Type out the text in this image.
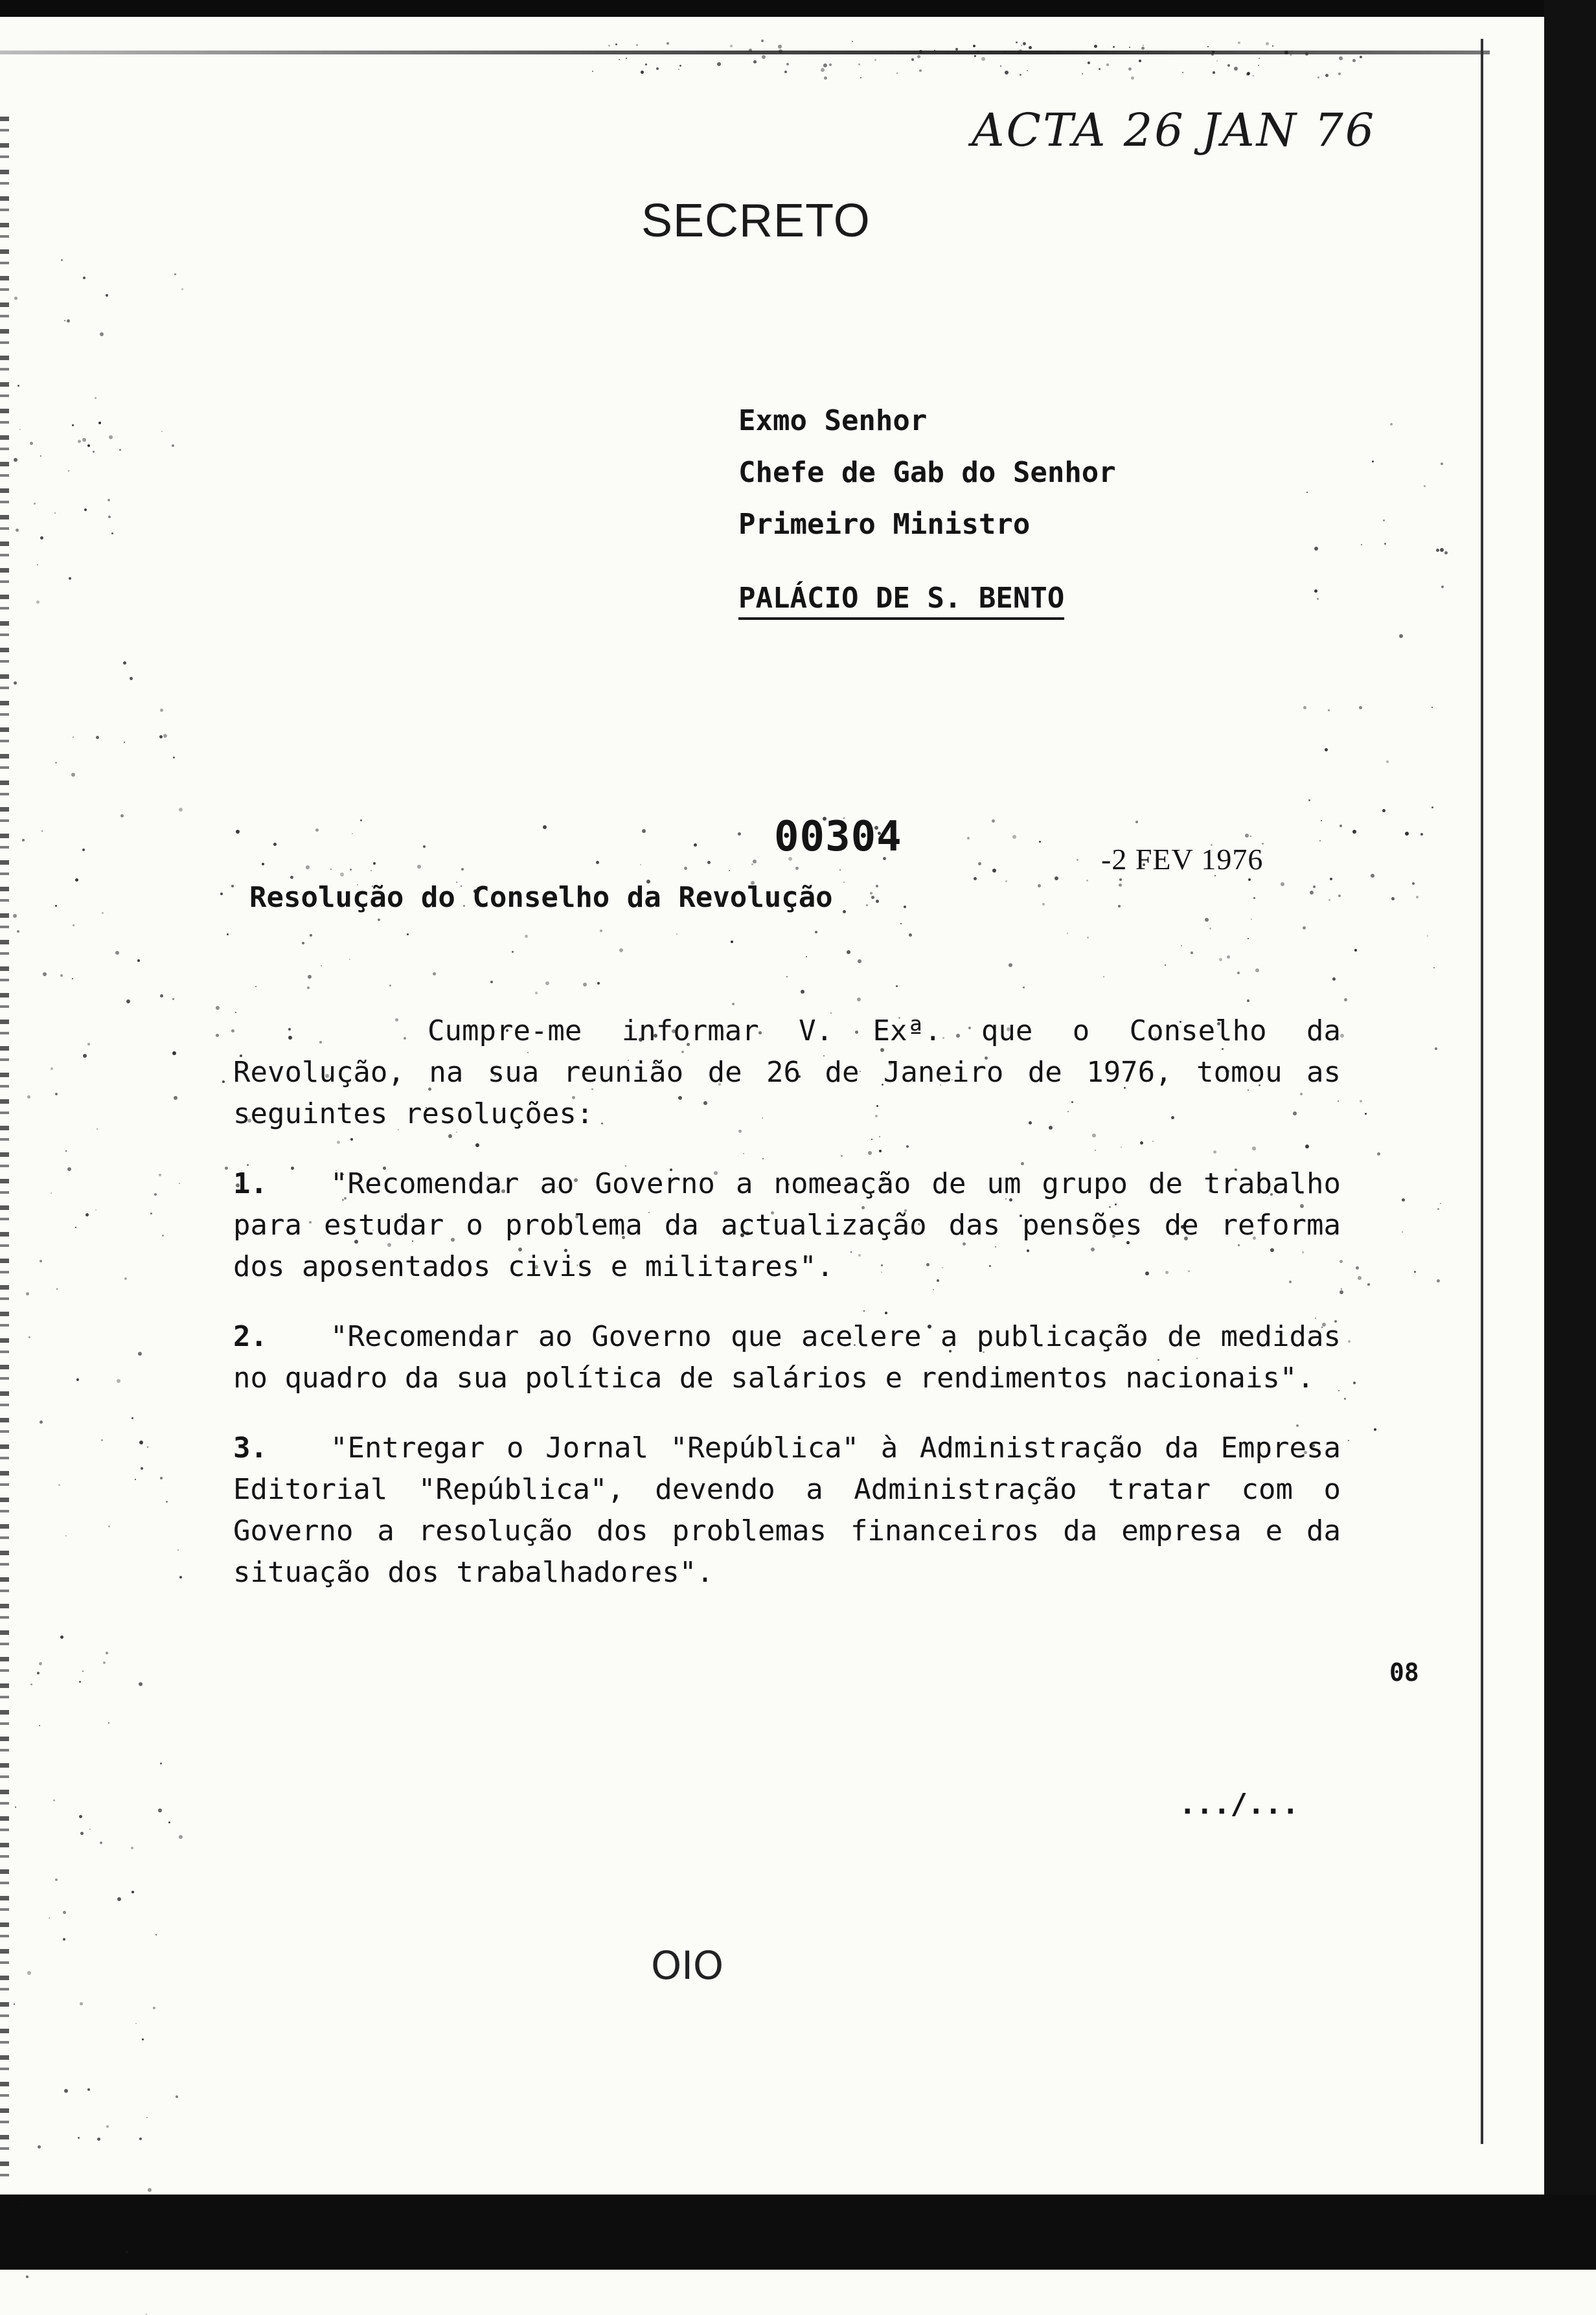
ACTA 26 JAN 76
SECRETO
Exmo Senhor
Chefe de Gab do Senhor
Primeiro Ministro
PALÁCIO DE S. BENTO
00304	-2 FEV 1976
Resolução do Conselho da Revolução

Cumpre-me informar V. Exª. que o Conselho da Revolução, na sua reunião de 26 de Janeiro de 1976, tomou as seguintes resoluções:

1. "Recomendar ao Governo a nomeação de um grupo de trabalho para estudar o problema da actualização das pensões de reforma dos aposentados civis e militares".

2. "Recomendar ao Governo que acelere a publicação de medidas no quadro da sua política de salários e rendimentos nacionais".

3. "Entregar o Jornal "República" à Administração da Empresa Editorial "República", devendo a Administração tratar com o Governo a resolução dos problemas financeiros da empresa e da situação dos trabalhadores".

08
.../...
OIO
